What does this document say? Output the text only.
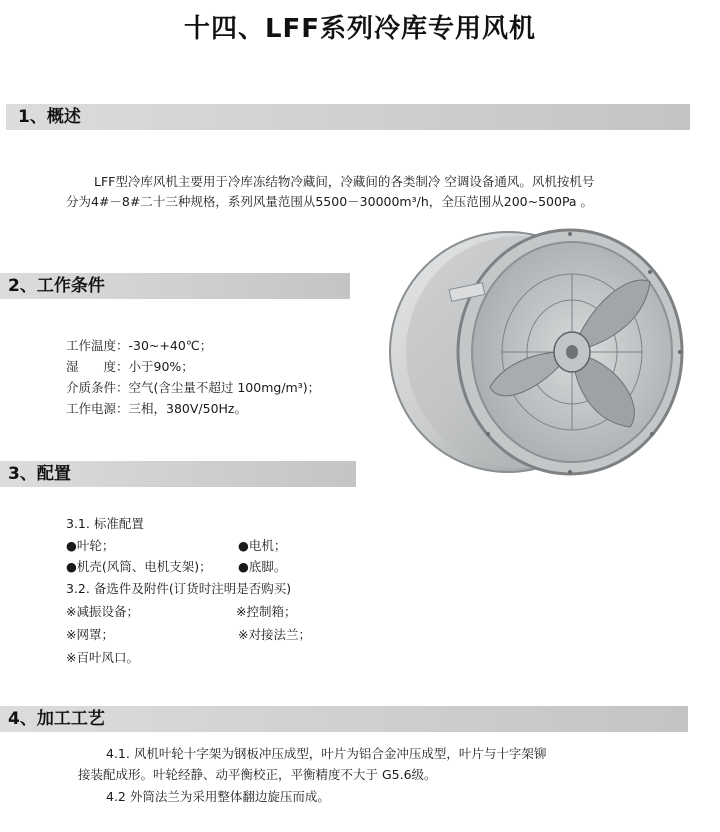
十四、LFF系列冷库专用风机
1、概述
LFF型冷库风机主要用于冷库冻结物冷藏间，冷藏间的各类制冷 空调设备通风。风机按机号
分为4#－8#二十三种规格，系列风量范围从5500－30000m³/h，全压范围从200~500Pa 。
2、工作条件
工作温度：-30~+40℃；
湿　　度：小于90%；
介质条件：空气(含尘量不超过 100mg/m³)；
工作电源：三相，380V/50Hz。
3、配置
3.1. 标准配置
●叶轮；	●电机；
●机壳(风筒、电机支架)； ●底脚。
3.2. 备选件及附件(订货时注明是否购买)
※减振设备；	※控制箱；
※网罩；	※对接法兰；
※百叶风口。
4、加工工艺
4.1. 风机叶轮十字架为钢板冲压成型，叶片为铝合金冲压成型，叶片与十字架铆
接装配成形。叶轮经静、动平衡校正，平衡精度不大于 G5.6级。
4.2 外筒法兰为采用整体翻边旋压而成。
